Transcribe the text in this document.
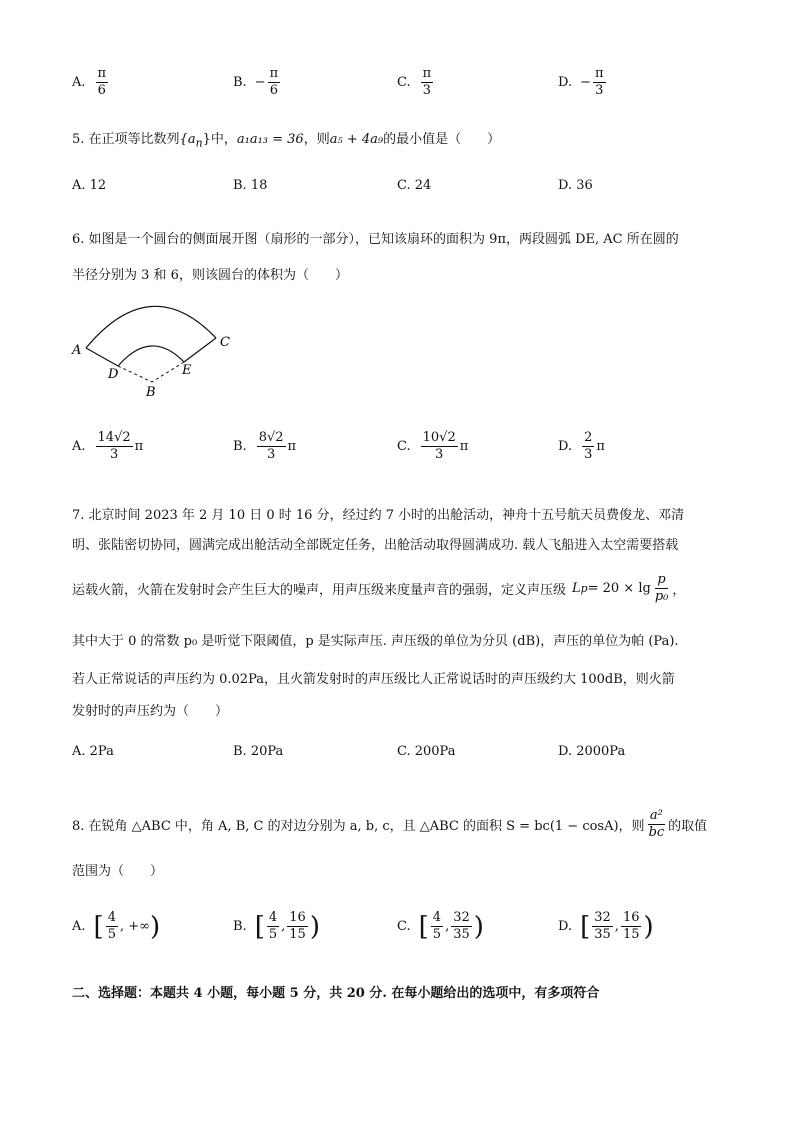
A. $\frac{\pi}{6}$	B. − $\frac{\pi}{6}$	C. $\frac{\pi}{3}$	D. − $\frac{\pi}{3}$
5. 在正项等比数列$\{a_n\}$中，a₁a₁₃ = 36，则a₅ + 4a₉的最小值是（　　）
A. 12	B. 18	C. 24	D. 36
6. 如图是一个圆台的侧面展开图（扇形的一部分），已知该扇环的面积为 9π，两段圆弧 DE, AC 所在圆的
半径分别为 3 和 6，则该圆台的体积为（　　）
A
C
D	E
B
A. $\frac{14√2}{3}$ π	B. $\frac{8√2}{3}$ π	C. $\frac{10√2}{3}$ π	D. $\frac{2}{3}$ π
7. 北京时间 2023 年 2 月 10 日 0 时 16 分，经过约 7 小时的出舱活动，神舟十五号航天员费俊龙、邓清
明、张陆密切协同，圆满完成出舱活动全部既定任务，出舱活动取得圆满成功. 载人飞船进入太空需要搭载
运载火箭，火箭在发射时会产生巨大的噪声，用声压级来度量声音的强弱，定义声压级 L $p = 20 \times \lg \frac{p}{\text{p₀}}$ ，
其中大于 0 的常数 p₀ 是听觉下限阈值，p 是实际声压. 声压级的单位为分贝 (dB)，声压的单位为帕 (Pa).
若人正常说话的声压约为 0.02Pa，且火箭发射时的声压级比人正常说话时的声压级约大 100dB，则火箭
发射时的声压约为（　　）
A. 2Pa	B. 20Pa	C. 200Pa	D. 2000Pa
8. 在锐角 △ABC 中，角 A, B, C 的对边分别为 a, b, c，且 △ABC 的面积 S = bc(1 − cosA)，则 $\frac{\text{a²}}{bc}$ 的取值
范围为（　　）
A. [ $\frac{4}{5}$ , +∞ )	B. [ $\frac{4}{5}$ , $\frac{16}{15}$ )	C. [ $\frac{4}{5}$ , $\frac{32}{35}$ )	D. [ $\frac{32}{35}$ , $\frac{16}{15}$ )
二、选择题：本题共 4 小题，每小题 5 分，共 20 分. 在每小题给出的选项中，有多项符合
